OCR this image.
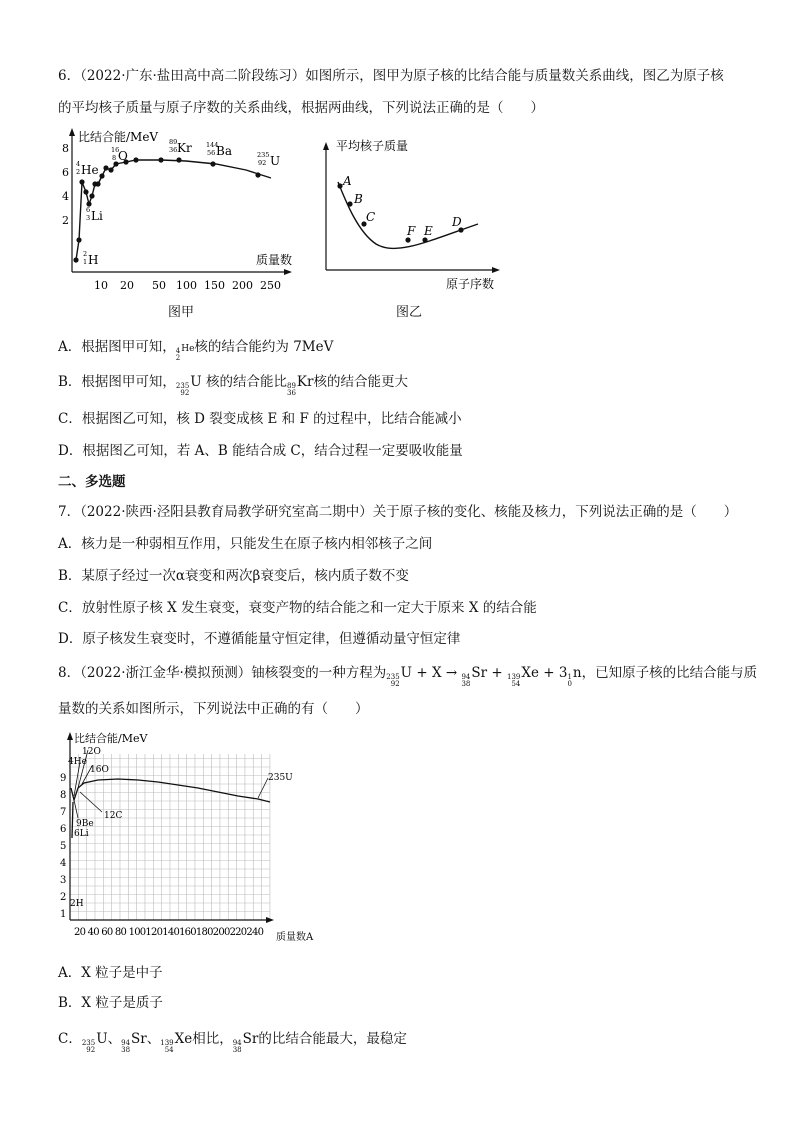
6．（2022·广东·盐田高中高二阶段练习）如图所示，图甲为原子核的比结合能与质量数关系曲线，图乙为原子核
的平均核子质量与原子序数的关系曲线，根据两曲线，下列说法正确的是（　　）
比结合能/MeV
质量数
2
4
6
8
10 20 50 100 150 200 250
4
2
16
8
89
36
144
56	235
92
6
3
2
1
He
O
Kr Ba
U
Li
H
图甲
平均核子质量
原子序数
A
B
C
F E
D
图乙
A．根据图甲可知， 4
2
He核的结合能约为 7MeV
B．根据图甲可知， 235
92
U 核的结合能比 89
36
Kr核的结合能更大
C．根据图乙可知，核 D 裂变成核 E 和 F 的过程中，比结合能减小
D．根据图乙可知，若 A、B 能结合成 C，结合过程一定要吸收能量
二、多选题
7．（2022·陕西·泾阳县教育局教学研究室高二期中）关于原子核的变化、核能及核力，下列说法正确的是（　　）
A．核力是一种弱相互作用，只能发生在原子核内相邻核子之间
B．某原子经过一次α衰变和两次β衰变后，核内质子数不变
C．放射性原子核 X 发生衰变，衰变产物的结合能之和一定大于原来 X 的结合能
D．原子核发生衰变时，不遵循能量守恒定律，但遵循动量守恒定律
8．（2022·浙江金华·模拟预测）铀核裂变的一种方程为 235
92
U + X → 94
38
Sr + 139
54
Xe + 3 1
0
n，已知原子核的比结合能与质
量数的关系如图所示，下列说法中正确的有（　　）
比结合能/MeV
质量数A
20 40 60 80 100120140160180200220240
9
8
7
6
5
4
3
2
1
4He
12O
16O
235U
9Be
12C
6Li
2H
A．X 粒子是中子
B．X 粒子是质子
C． 235
92
U、 94
38
Sr、 139
54
Xe相比， 94
38
Sr的比结合能最大，最稳定
